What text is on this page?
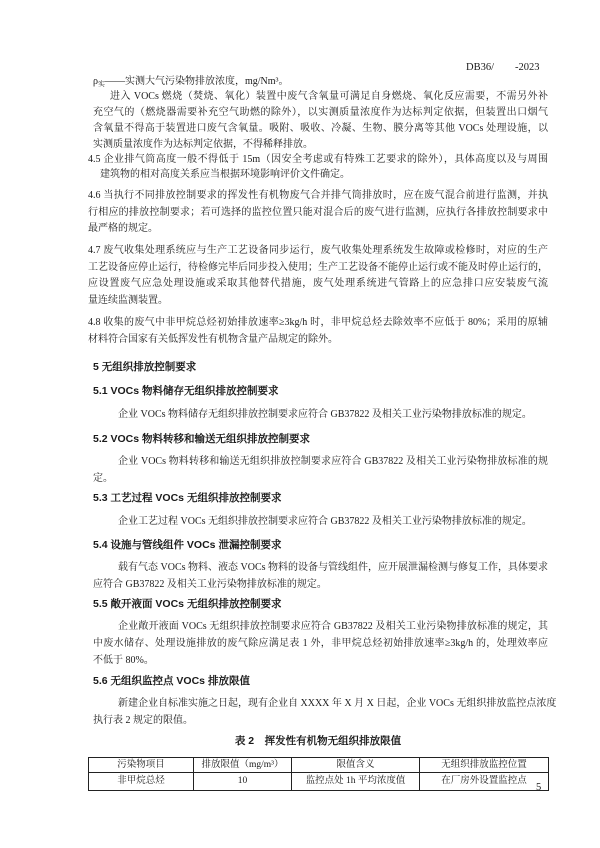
DB36/　　-2023
$\rho_实——$实测大气污染物排放浓度，mg/Nm³。
进入 VOCs 燃烧（焚烧、氧化）装置中废气含氧量可满足自身燃烧、氧化反应需要，不需另外补
充空气的（燃烧器需要补充空气助燃的除外），以实测质量浓度作为达标判定依据，但装置出口烟气
含氧量不得高于装置进口废气含氧量。吸附、吸收、冷凝、生物、膜分离等其他 VOCs 处理设施，以
实测质量浓度作为达标判定依据，不得稀释排放。
4.5 企业排气筒高度一般不得低于 15m（因安全考虑或有特殊工艺要求的除外），具体高度以及与周围
建筑物的相对高度关系应当根据环境影响评价文件确定。
4.6 当执行不同排放控制要求的挥发性有机物废气合并排气筒排放时，应在废气混合前进行监测，并执
行相应的排放控制要求；若可选择的监控位置只能对混合后的废气进行监测，应执行各排放控制要求中
最严格的规定。
4.7 废气收集处理系统应与生产工艺设备同步运行，废气收集处理系统发生故障或检修时，对应的生产
工艺设备应停止运行，待检修完毕后同步投入使用；生产工艺设备不能停止运行或不能及时停止运行的，
应设置废气应急处理设施或采取其他替代措施，废气处理系统进气管路上的应急排口应安装废气流
量连续监测装置。
4.8 收集的废气中非甲烷总烃初始排放速率≥3kg/h 时，非甲烷总烃去除效率不应低于 80%；采用的原辅
材料符合国家有关低挥发性有机物含量产品规定的除外。
5 无组织排放控制要求
5.1 VOCs 物料储存无组织排放控制要求
企业 VOCs 物料储存无组织排放控制要求应符合 GB37822 及相关工业污染物排放标准的规定。
5.2 VOCs 物料转移和输送无组织排放控制要求
企业 VOCs 物料转移和输送无组织排放控制要求应符合 GB37822 及相关工业污染物排放标准的规
定。
5.3 工艺过程 VOCs 无组织排放控制要求
企业工艺过程 VOCs 无组织排放控制要求应符合 GB37822 及相关工业污染物排放标准的规定。
5.4 设施与管线组件 VOCs 泄漏控制要求
载有气态 VOCs 物料、液态 VOCs 物料的设备与管线组件，应开展泄漏检测与修复工作，具体要求
应符合 GB37822 及相关工业污染物排放标准的规定。
5.5 敞开液面 VOCs 无组织排放控制要求
企业敞开液面 VOCs 无组织排放控制要求应符合 GB37822 及相关工业污染物排放标准的规定，其
中废水储存、处理设施排放的废气除应满足表 1 外，非甲烷总烃初始排放速率≥3kg/h 的，处理效率应
不低于 80%。
5.6 无组织监控点 VOCs 排放限值
新建企业自标准实施之日起，现有企业自 XXXX 年 X 月 X 日起，企业 VOCs 无组织排放监控点浓度
执行表 2 规定的限值。
表 2　挥发性有机物无组织排放限值
污染物项目	排放限值（mg/m³）	限值含义	无组织排放监控位置
非甲烷总烃	10	监控点处 1h 平均浓度值	在厂房外设置监控点
5
